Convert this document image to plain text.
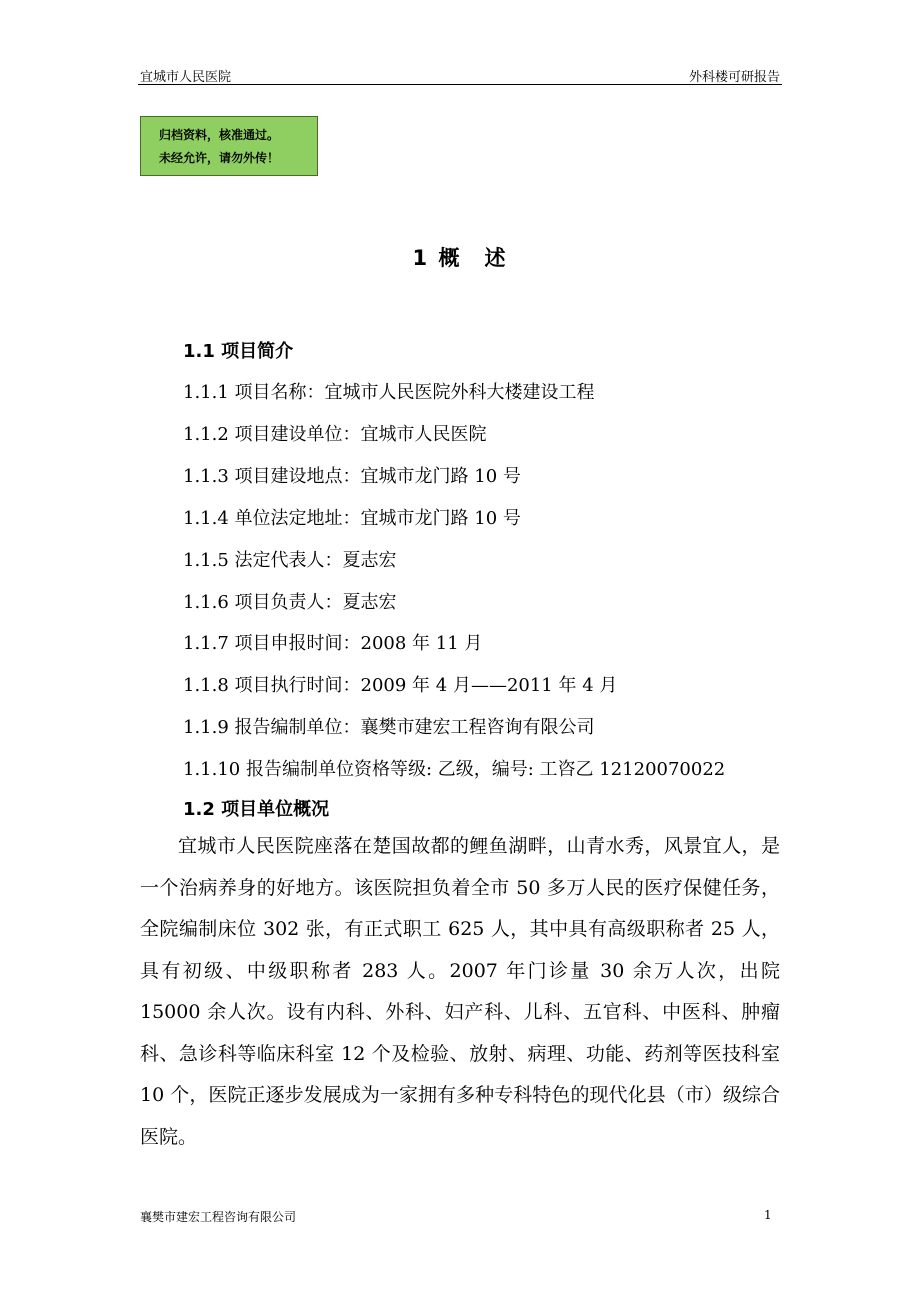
宜城市人民医院	外科楼可研报告
归档资料，核准通过。
未经允许，请勿外传！
1 概　述
1.1 项目简介
1.1.1 项目名称：宜城市人民医院外科大楼建设工程
1.1.2 项目建设单位：宜城市人民医院
1.1.3 项目建设地点：宜城市龙门路 10 号
1.1.4 单位法定地址：宜城市龙门路 10 号
1.1.5 法定代表人：夏志宏
1.1.6 项目负责人：夏志宏
1.1.7 项目申报时间：2008 年 11 月
1.1.8 项目执行时间：2009 年 4 月——2011 年 4 月
1.1.9 报告编制单位：襄樊市建宏工程咨询有限公司
1.1.10 报告编制单位资格等级: 乙级，编号: 工咨乙 12120070022
1.2 项目单位概况
宜城市人民医院座落在楚国故都的鲤鱼湖畔，山青水秀，风景宜人，是一个治病养身的好地方。该医院担负着全市 50 多万人民的医疗保健任务，全院编制床位 302 张，有正式职工 625 人，其中具有高级职称者 25 人，具有初级、中级职称者 283 人。2007 年门诊量 30 余万人次，出院 15000 余人次。设有内科、外科、妇产科、儿科、五官科、中医科、肿瘤科、急诊科等临床科室 12 个及检验、放射、病理、功能、药剂等医技科室 10 个，医院正逐步发展成为一家拥有多种专科特色的现代化县（市）级综合医院。
襄樊市建宏工程咨询有限公司	1
